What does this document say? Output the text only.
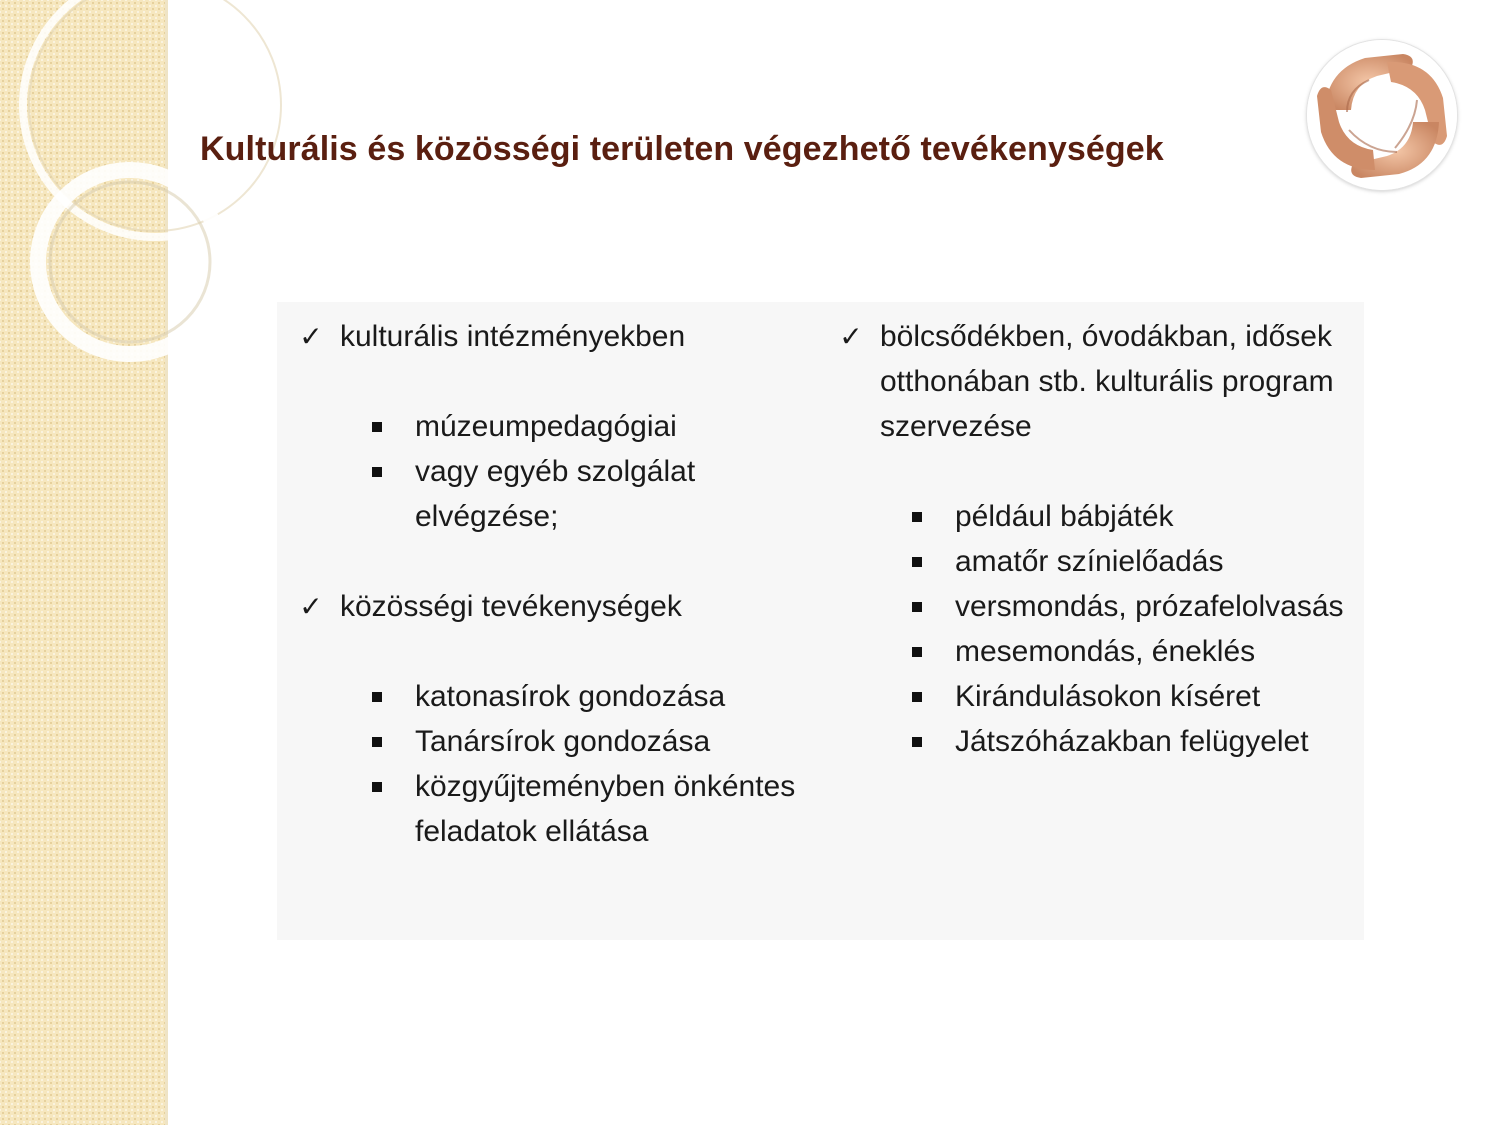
Kulturális és közösségi területen végezhető tevékenységek
✓ kulturális intézményekben
múzeumpedagógiai
vagy egyéb szolgálat elvégzése;
✓ közösségi tevékenységek
katonasírok gondozása
Tanársírok gondozása
közgyűjteményben önkéntes feladatok ellátása
✓ bölcsődékben, óvodákban, idősek otthonában stb. kulturális program szervezése
például bábjáték
amatőr színielőadás
versmondás, prózafelolvasás
mesemondás, éneklés
Kirándulásokon kíséret
Játszóházakban felügyelet
